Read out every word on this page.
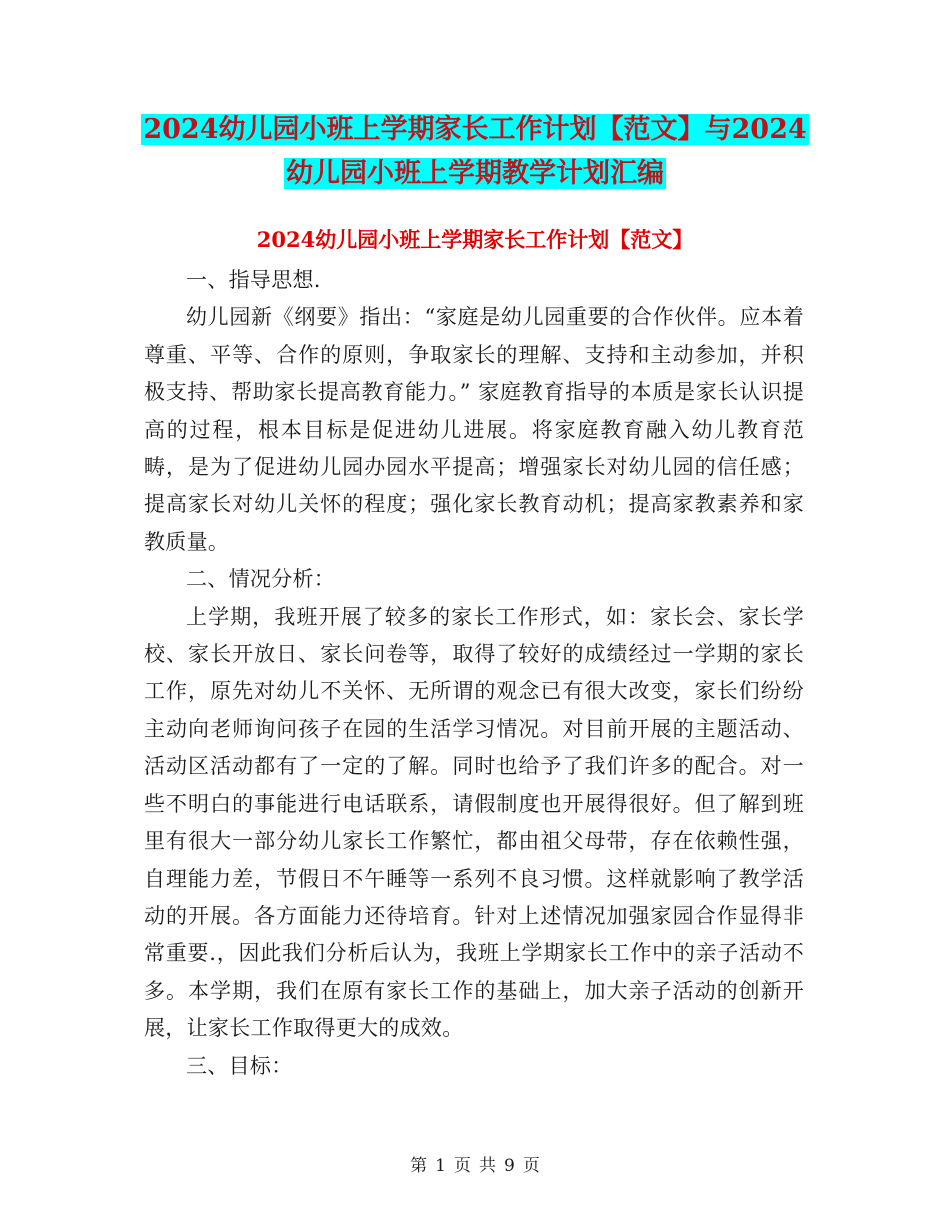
2024幼儿园小班上学期家长工作计划【范文】与2024
幼儿园小班上学期教学计划汇编
2024幼儿园小班上学期家长工作计划【范文】

一、指导思想.

幼儿园新《纲要》指出：“家庭是幼儿园重要的合作伙伴。应本着尊重、平等、合作的原则，争取家长的理解、支持和主动参加，并积极支持、帮助家长提高教育能力。” 家庭教育指导的本质是家长认识提高的过程，根本目标是促进幼儿进展。将家庭教育融入幼儿教育范畴，是为了促进幼儿园办园水平提高；增强家长对幼儿园的信任感；提高家长对幼儿关怀的程度；强化家长教育动机；提高家教素养和家教质量。

二、情况分析：

上学期，我班开展了较多的家长工作形式，如：家长会、家长学校、家长开放日、家长问卷等，取得了较好的成绩经过一学期的家长工作，原先对幼儿不关怀、无所谓的观念已有很大改变，家长们纷纷主动向老师询问孩子在园的生活学习情况。对目前开展的主题活动、活动区活动都有了一定的了解。同时也给予了我们许多的配合。对一些不明白的事能进行电话联系，请假制度也开展得很好。但了解到班里有很大一部分幼儿家长工作繁忙，都由祖父母带，存在依赖性强，自理能力差，节假日不午睡等一系列不良习惯。这样就影响了教学活动的开展。各方面能力还待培育。针对上述情况加强家园合作显得非常重要.，因此我们分析后认为，我班上学期家长工作中的亲子活动不多。本学期，我们在原有家长工作的基础上，加大亲子活动的创新开展，让家长工作取得更大的成效。

三、目标：

第 1 页 共 9 页
